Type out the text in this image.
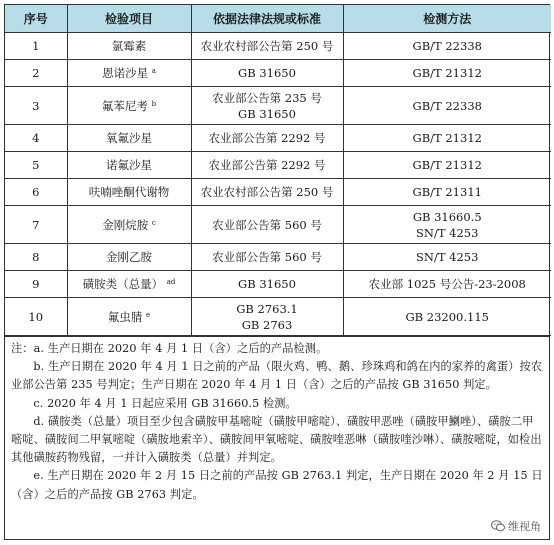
序号	检验项目	依据法律法规或标准	检测方法
1	氯霉素	农业农村部公告第 250 号	GB/T 22338

2	恩诺沙星 $^a$	GB 31650	GB/T 21312

3	氟苯尼考 $^b$	农业部公告第 235 号
GB 31650	GB/T 22338

4	氧氟沙星	农业部公告第 2292 号	GB/T 21312

5	诺氟沙星	农业部公告第 2292 号	GB/T 21312

6	呋喃唑酮代谢物	农业农村部公告第 250 号	GB/T 21311

7	金刚烷胺 $^c$	农业部公告第 560 号	GB 31660.5
SN/T 4253

8	金刚乙胺	农业部公告第 560 号	SN/T 4253

9	磺胺类（总量） $^{ad}$	GB 31650	农业部 1025 号公告-23-2008

10	氟虫腈 $^e$	GB 2763.1
GB 2763	GB 23200.115

注：a. 生产日期在 2020 年 4 月 1 日（含）之后的产品检测。

b. 生产日期在 2020 年 4 月 1 日之前的产品（限火鸡、鸭、鹅、珍珠鸡和鸽在内的家养的禽蛋）按农业部公告第 235 号判定；生产日期在 2020 年 4 月 1 日（含）之后的产品按 GB 31650 判定。

c. 2020 年 4 月 1 日起应采用 GB 31660.5 检测。

d. 磺胺类（总量）项目至少包含磺胺甲基嘧啶（磺胺甲嘧啶）、磺胺甲恶唑（磺胺甲鯻唑）、磺胺二甲嘧啶、磺胺间二甲氧嘧啶（磺胺地索辛）、磺胺间甲氧嘧啶、磺胺喹恶啉（磺胺喹沙啉）、磺胺嘧啶，如检出其他磺胺药物残留，一并计入磺胺类（总量）并判定。

e. 生产日期在 2020 年 2 月 15 日之前的产品按 GB 2763.1 判定，生产日期在 2020 年 2 月 15 日（含）之后的产品按 GB 2763 判定。

维视角
